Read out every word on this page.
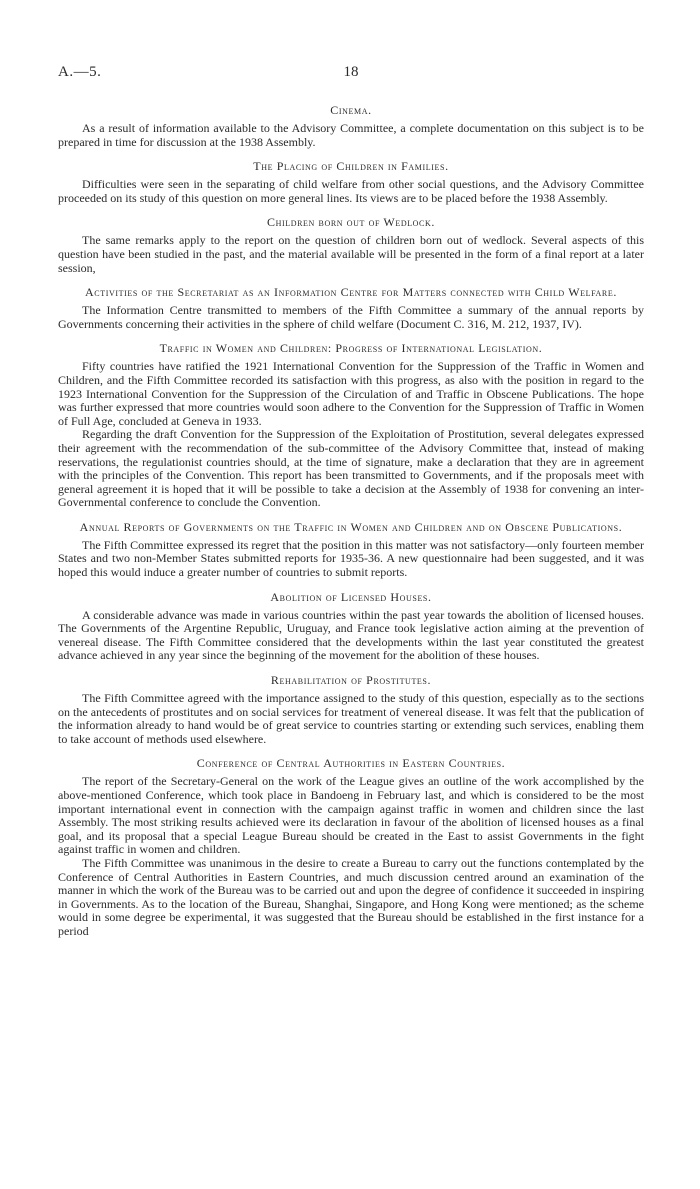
A.—5.	18
Cinema.

As a result of information available to the Advisory Committee, a complete documentation on this subject is to be prepared in time for discussion at the 1938 Assembly.

The Placing of Children in Families.

Difficulties were seen in the separating of child welfare from other social questions, and the Advisory Committee proceeded on its study of this question on more general lines. Its views are to be placed before the 1938 Assembly.

Children born out of Wedlock.

The same remarks apply to the report on the question of children born out of wedlock. Several aspects of this question have been studied in the past, and the material available will be presented in the form of a final report at a later session,

Activities of the Secretariat as an Information Centre for Matters connected with Child Welfare.

The Information Centre transmitted to members of the Fifth Committee a summary of the annual reports by Governments concerning their activities in the sphere of child welfare (Document C. 316, M. 212, 1937, IV).

Traffic in Women and Children: Progress of International Legislation.

Fifty countries have ratified the 1921 International Convention for the Suppression of the Traffic in Women and Children, and the Fifth Committee recorded its satisfaction with this progress, as also with the position in regard to the 1923 International Convention for the Suppression of the Circulation of and Traffic in Obscene Publications. The hope was further expressed that more countries would soon adhere to the Convention for the Suppression of Traffic in Women of Full Age, concluded at Geneva in 1933.

Regarding the draft Convention for the Suppression of the Exploitation of Prostitution, several delegates expressed their agreement with the recommendation of the sub-committee of the Advisory Committee that, instead of making reservations, the regulationist countries should, at the time of signature, make a declaration that they are in agreement with the principles of the Convention. This report has been transmitted to Governments, and if the proposals meet with general agreement it is hoped that it will be possible to take a decision at the Assembly of 1938 for convening an inter-Governmental conference to conclude the Convention.

Annual Reports of Governments on the Traffic in Women and Children and on Obscene Publications.

The Fifth Committee expressed its regret that the position in this matter was not satisfactory—only fourteen member States and two non-Member States submitted reports for 1935-36. A new questionnaire had been suggested, and it was hoped this would induce a greater number of countries to submit reports.

Abolition of Licensed Houses.

A considerable advance was made in various countries within the past year towards the abolition of licensed houses. The Governments of the Argentine Republic, Uruguay, and France took legislative action aiming at the prevention of venereal disease. The Fifth Committee considered that the developments within the last year constituted the greatest advance achieved in any year since the beginning of the movement for the abolition of these houses.

Rehabilitation of Prostitutes.

The Fifth Committee agreed with the importance assigned to the study of this question, especially as to the sections on the antecedents of prostitutes and on social services for treatment of venereal disease. It was felt that the publication of the information already to hand would be of great service to countries starting or extending such services, enabling them to take account of methods used elsewhere.

Conference of Central Authorities in Eastern Countries.

The report of the Secretary-General on the work of the League gives an outline of the work accomplished by the above-mentioned Conference, which took place in Bandoeng in February last, and which is considered to be the most important international event in connection with the campaign against traffic in women and children since the last Assembly. The most striking results achieved were its declaration in favour of the abolition of licensed houses as a final goal, and its proposal that a special League Bureau should be created in the East to assist Governments in the fight against traffic in women and children.

The Fifth Committee was unanimous in the desire to create a Bureau to carry out the functions contemplated by the Conference of Central Authorities in Eastern Countries, and much discussion centred around an examination of the manner in which the work of the Bureau was to be carried out and upon the degree of confidence it succeeded in inspiring in Governments. As to the location of the Bureau, Shanghai, Singapore, and Hong Kong were mentioned; as the scheme would in some degree be experimental, it was suggested that the Bureau should be established in the first instance for a period
